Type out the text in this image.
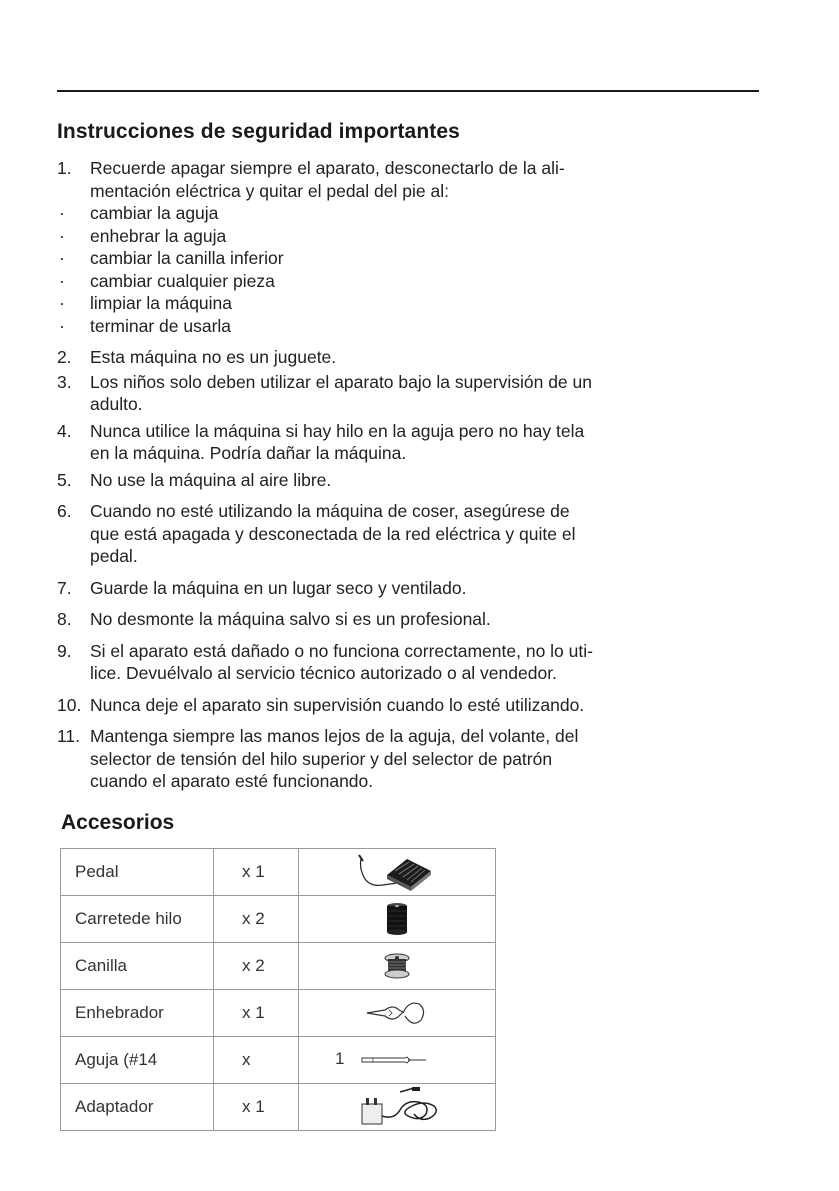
Instrucciones de seguridad importantes
1. Recuerde apagar siempre el aparato, desconectarlo de la ali-
mentación eléctrica y quitar el pedal del pie al:
· cambiar la aguja
· enhebrar la aguja
· cambiar la canilla inferior
· cambiar cualquier pieza
· limpiar la máquina
· terminar de usarla
2. Esta máquina no es un juguete.
3. Los niños solo deben utilizar el aparato bajo la supervisión de un
adulto.
4. Nunca utilice la máquina si hay hilo en la aguja pero no hay tela
en la máquina. Podría dañar la máquina.
5. No use la máquina al aire libre.
6. Cuando no esté utilizando la máquina de coser, asegúrese de
que está apagada y desconectada de la red eléctrica y quite el
pedal.
7. Guarde la máquina en un lugar seco y ventilado.
8. No desmonte la máquina salvo si es un profesional.
9. Si el aparato está dañado o no funciona correctamente, no lo uti-
lice. Devuélvalo al servicio técnico autorizado o al vendedor.
10. Nunca deje el aparato sin supervisión cuando lo esté utilizando.
11. Mantenga siempre las manos lejos de la aguja, del volante, del
selector de tensión del hilo superior y del selector de patrón
cuando el aparato esté funcionando.
Accesorios
Pedal	x 1	

Carretede hilo	x 2	

Canilla	x 2	

Enhebrador	x 1	

Aguja (#14	x	1

Adaptador	x 1	
